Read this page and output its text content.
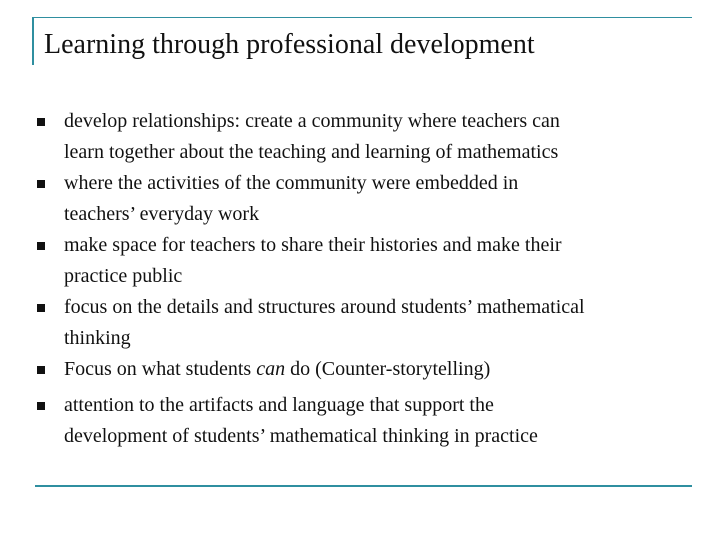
Learning through professional development
develop relationships: create a community where teachers can
learn together about the teaching and learning of mathematics
where the activities of the community were embedded in
teachers’ everyday work
make space for teachers to share their histories and make their
practice public
focus on the details and structures around students’ mathematical
thinking
Focus on what students can do (Counter-storytelling)
attention to the artifacts and language that support the
development of students’ mathematical thinking in practice
